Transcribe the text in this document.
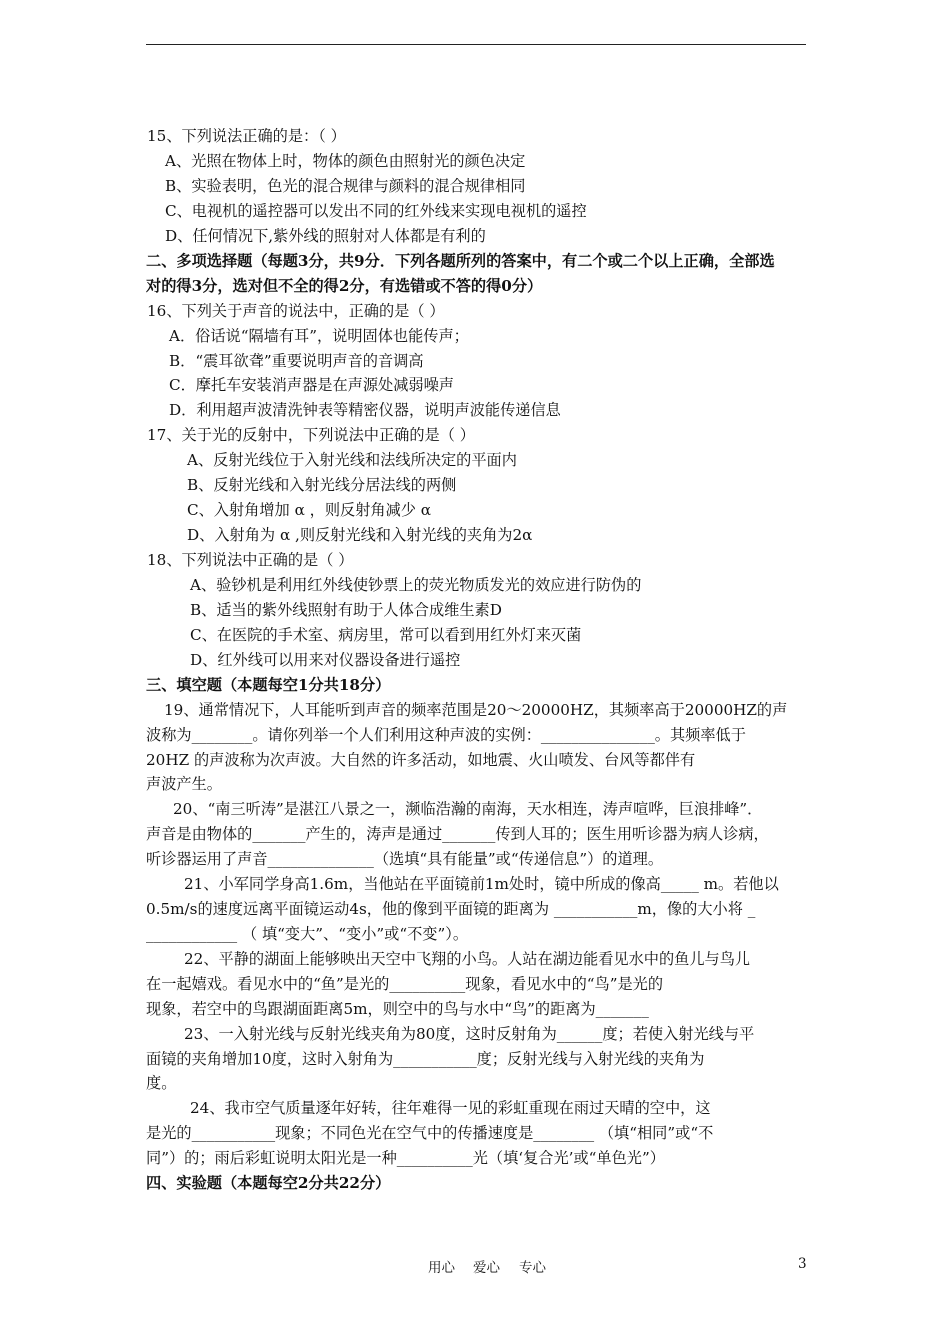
15、下列说法正确的是：（ ）
A、光照在物体上时，物体的颜色由照射光的颜色决定
B、实验表明，色光的混合规律与颜料的混合规律相同
C、电视机的遥控器可以发出不同的红外线来实现电视机的遥控
D、任何情况下,紫外线的照射对人体都是有利的
二、多项选择题（每题3分，共9分．下列各题所列的答案中，有二个或二个以上正确，全部选
对的得3分，选对但不全的得2分，有选错或不答的得0分）
16、下列关于声音的说法中，正确的是（ ）
A．俗话说“隔墙有耳”，说明固体也能传声；
B．“震耳欲聋”重要说明声音的音调高
C．摩托车安装消声器是在声源处减弱噪声
D．利用超声波清洗钟表等精密仪器，说明声波能传递信息
17、关于光的反射中，下列说法中正确的是（ ）
A、反射光线位于入射光线和法线所决定的平面内
B、反射光线和入射光线分居法线的两侧
C、入射角增加 α ，则反射角减少 α
D、入射角为 α ,则反射光线和入射光线的夹角为2α
18、下列说法中正确的是（ ）
A、验钞机是利用红外线使钞票上的荧光物质发光的效应进行防伪的
B、适当的紫外线照射有助于人体合成维生素D
C、在医院的手术室、病房里，常可以看到用红外灯来灭菌
D、红外线可以用来对仪器设备进行遥控
三、填空题（本题每空1分共18分）
19、通常情况下，人耳能听到声音的频率范围是20～20000HZ，其频率高于20000HZ的声
波称为________。请你列举一个人们利用这种声波的实例：_______________。其频率低于
20HZ 的声波称为次声波。大自然的许多活动，如地震、火山喷发、台风等都伴有
声波产生。
20、“南三听涛”是湛江八景之一，濒临浩瀚的南海，天水相连，涛声喧哗，巨浪排峰”．
声音是由物体的_______产生的，涛声是通过_______传到人耳的；医生用听诊器为病人诊病，
听诊器运用了声音______________（选填“具有能量”或“传递信息”）的道理。
21、小军同学身高1.6m，当他站在平面镜前1m处时，镜中所成的像高_____ m。若他以
0.5m/s的速度远离平面镜运动4s，他的像到平面镜的距离为 ___________m，像的大小将 _
____________ （ 填“变大”、“变小”或“不变”）。
22、平静的湖面上能够映出天空中飞翔的小鸟。人站在湖边能看见水中的鱼儿与鸟儿
在一起嬉戏。看见水中的“鱼”是光的__________现象，看见水中的“鸟”是光的
现象，若空中的鸟跟湖面距离5m，则空中的鸟与水中“鸟”的距离为_______
23、一入射光线与反射光线夹角为80度，这时反射角为______度；若使入射光线与平
面镜的夹角增加10度，这时入射角为___________度；反射光线与入射光线的夹角为
度。
24、我市空气质量逐年好转，往年难得一见的彩虹重现在雨过天晴的空中，这
是光的___________现象；不同色光在空气中的传播速度是________ （填“相同”或“不
同”）的；雨后彩虹说明太阳光是一种__________光（填‘复合光’或“单色光”）
四、实验题（本题每空2分共22分）
用心 爱心 专心	3
